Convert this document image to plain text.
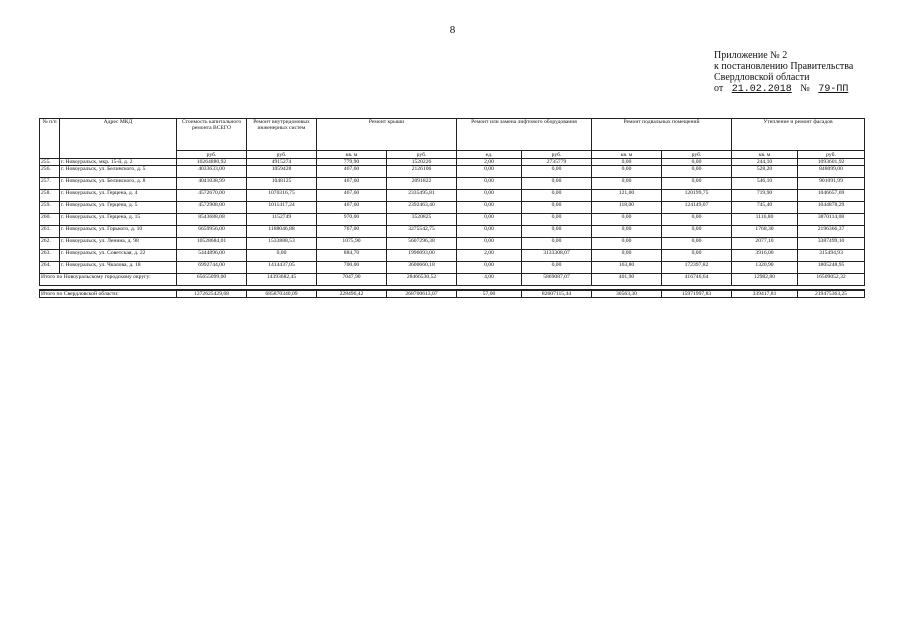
8
Приложение № 2
к постановлению Правительства
Свердловской области
от 21.02.2018 № 79-ПП
№ п/п	Адрес МКД	Стоимость капитального ремонта ВСЕГО	Ремонт внутридомовых инженерных систем	Ремонт крыши		Ремонт или замена лифтового оборудования		Ремонт подвальных помещений		Утепление и ремонт фасадов	
		руб.	руб.	кв. м	руб.	ед.	руб.	кв. м	руб.	кв. м	руб.
255.	г. Новоуральск, мкр. 15-й, д. 2	10264880,92	4915274	779,90	1520226	2,00	2735779	0,00	0,00	244,10	1093601,92
256.	г. Новоуральск, ул. Белинского, д. 5	4033633,00	1059428	467,60	2126106	0,00	0,00	0,00	0,00	528,20	848099,00
257.	г. Новоуральск, ул. Белинского, д. 8	4041038,99	1048125	467,60	2091822	0,00	0,00	0,00	0,00	546,10	901091,99
258.	г. Новоуральск, ул. Герцена, д. 4	4572670,00	1070316,75	467,60	2335495,81	0,00	0,00	121,00	120199,75	719,90	1046657,69
259.	г. Новоуральск, ул. Герцена, д. 5	4572908,00	1011417,24	467,60	2392463,40	0,00	0,00	118,00	124149,07	745,40	1044878,29
260.	г. Новоуральск, ул. Герцена, д. 15	8543688,08	1152749	970,00	3520825	0,00	0,00	0,00	0,00	1116,80	3870114,08
261.	г. Новоуральск, ул. Горького, д. 10	6659956,00	1188046,88	767,00	3275542,75	0,00	0,00	0,00	0,00	1768,30	2196366,37
262.	г. Новоуральск, ул. Ленина, д. 98	10528684,01	1533888,53	1075,90	5607296,38	0,00	0,00	0,00	0,00	2077,10	3387499,10
263.	г. Новоуральск, ул. Советская, д. 22	5444896,00	0,00	884,70	1996093,00	2,00	3133308,07	0,00	0,00	3916,00	315494,93
264.	г. Новоуральск, ул. Чкалова, д. 18	6992744,00	1414437,05	700,00	3600660,18	0,00	0,00	163,80	172397,82	1320,90	1805248,95
Итого по Новоуральскому городскому округу:		65655099,00	14393682,45	7047,90	28466530,52	4,00	5869087,07	401,90	416746,64	12982,80	16509052,32

Итого по Свердловской области:		1272625429,68	685870340,09	228496,42	268700613,07	57,00	82607115,44	30563,30	15971997,83	339417,81	219475363,25
